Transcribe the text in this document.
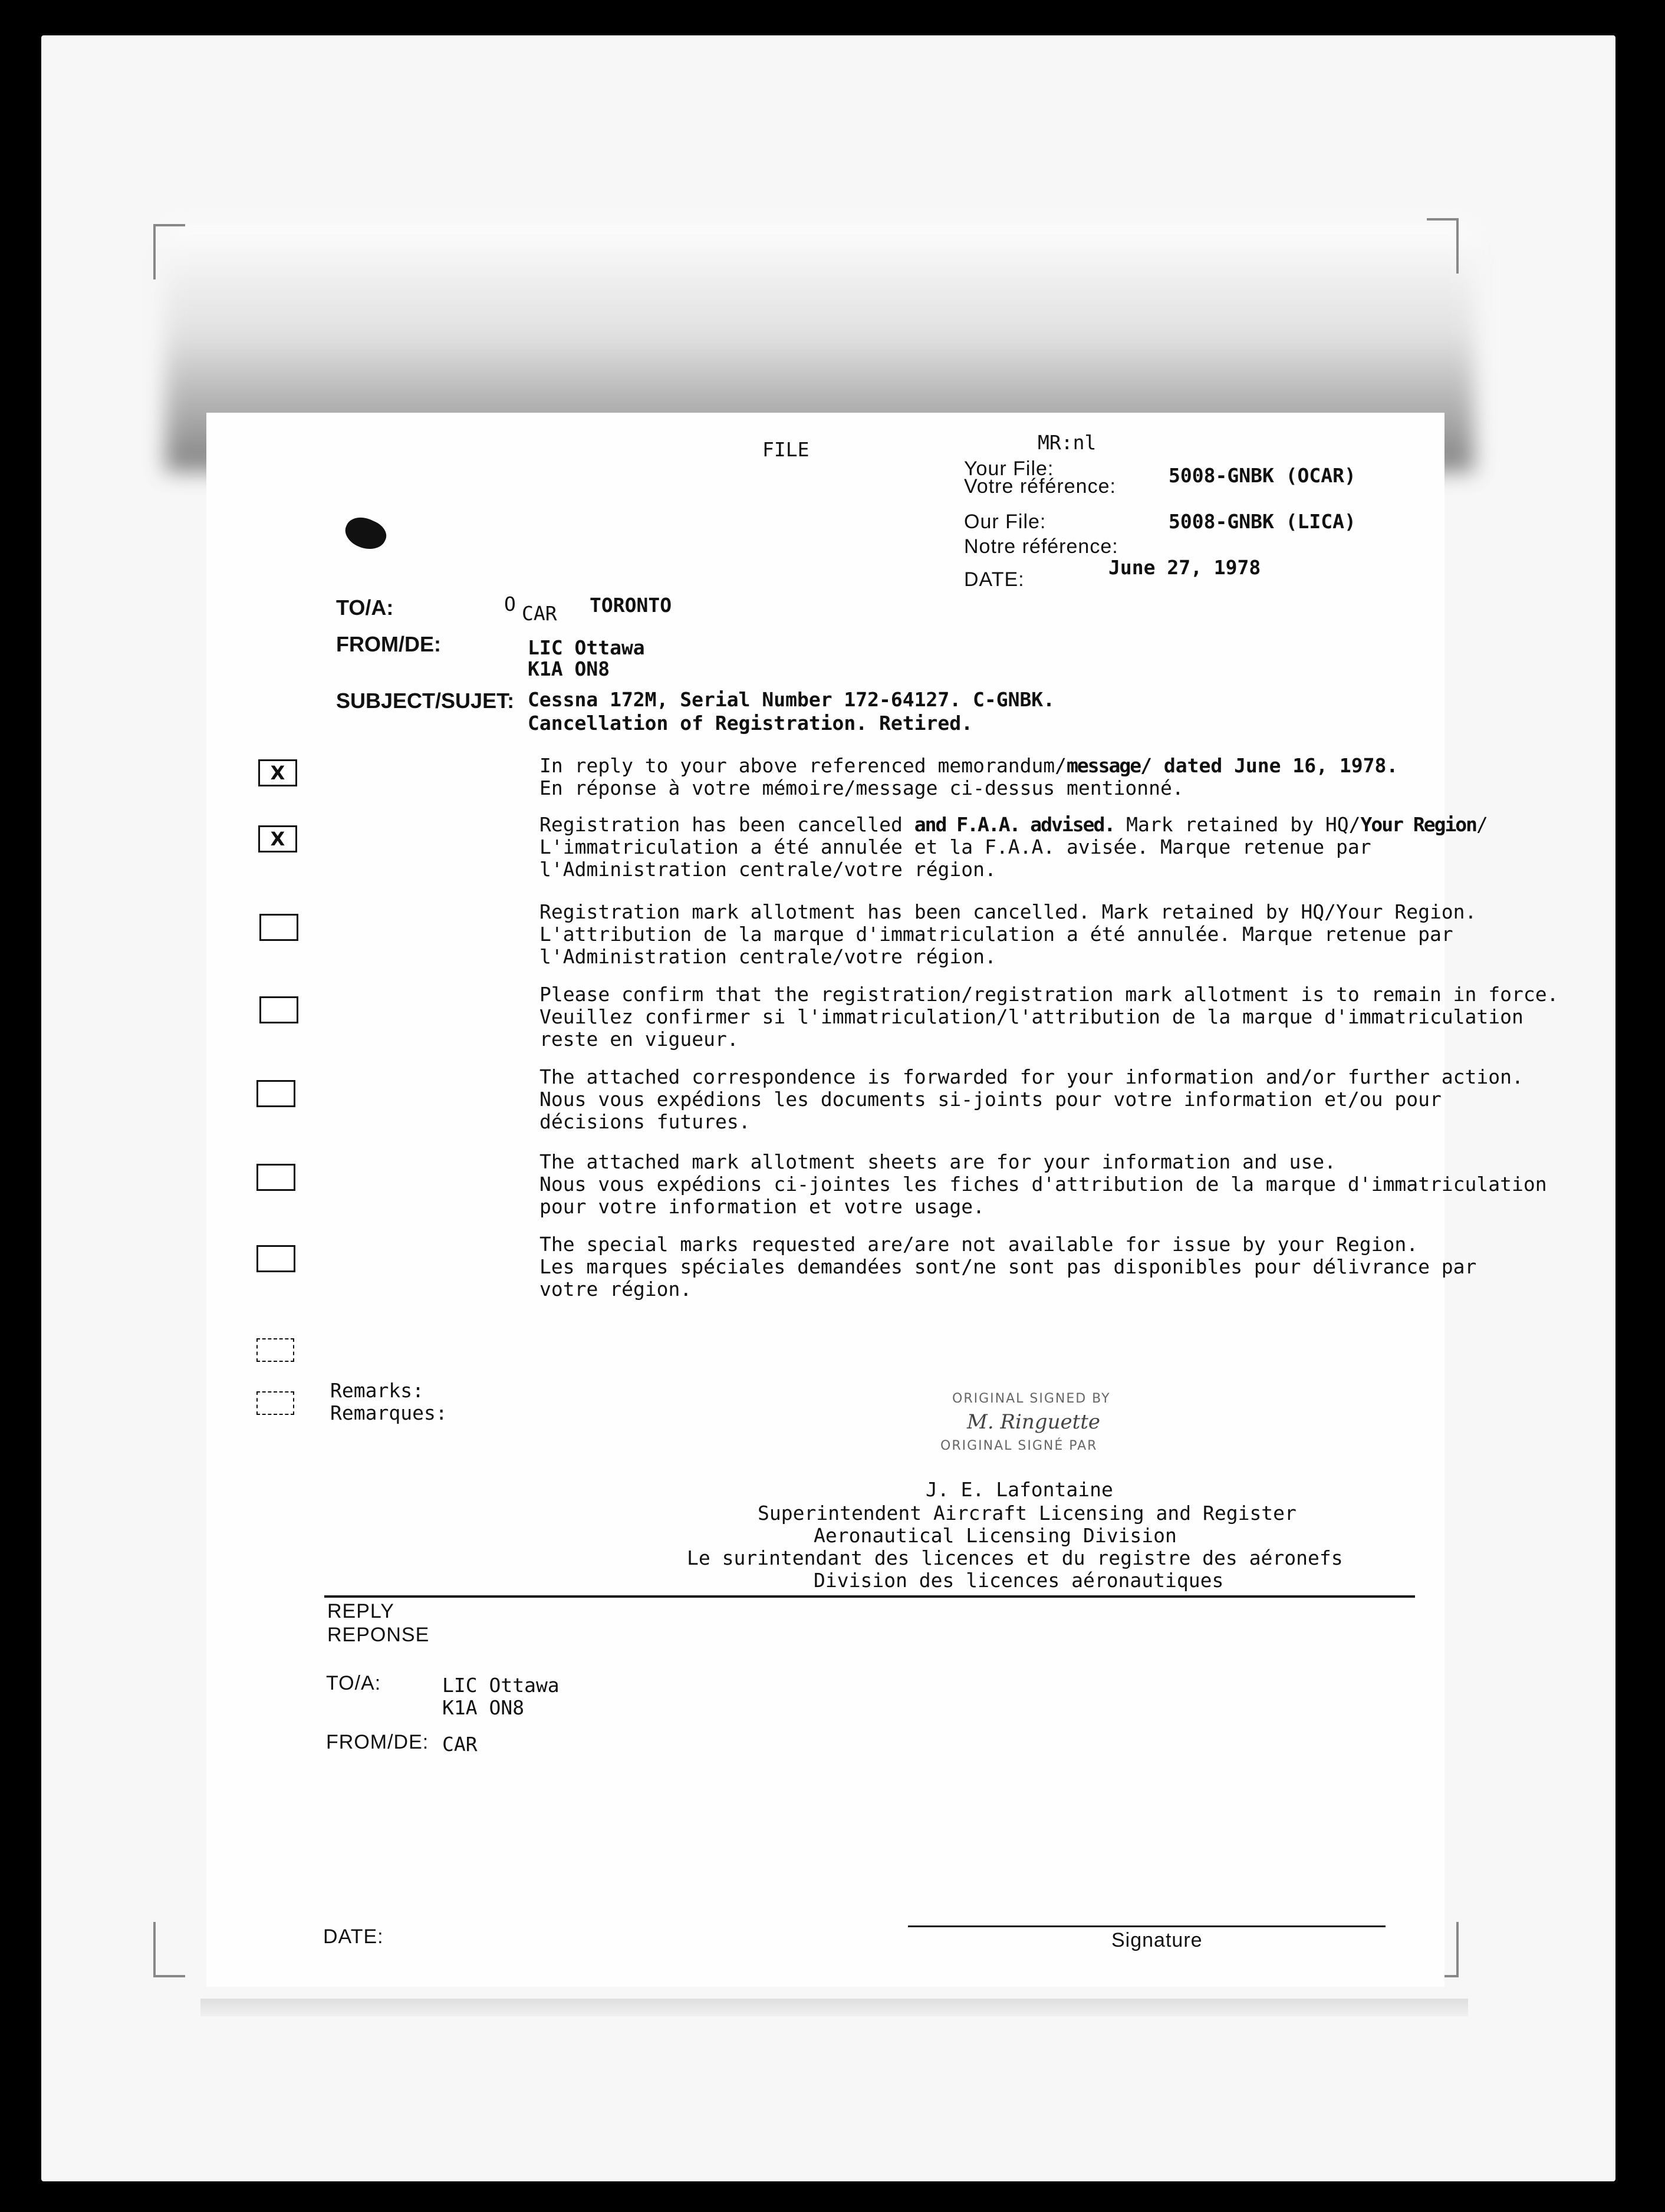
FILE	MR:nl
Your File:
Votre référence:	5008-GNBK (OCAR)
Our File:
Notre référence:
5008-GNBK (LICA)
DATE:
June 27, 1978
TO/A:	O CAR TORONTO
FROM/DE:	LIC Ottawa
K1A ON8
SUBJECT/SUJET: Cessna 172M, Serial Number 172-64127. C-GNBK.
Cancellation of Registration. Retired.
X	In reply to your above referenced memorandum/message/ dated June 16, 1978.
En réponse à votre mémoire/message ci-dessus mentionné.
X
Registration has been cancelled and F.A.A. advised. Mark retained by HQ/Your Region/
L'immatriculation a été annulée et la F.A.A. avisée. Marque retenue par
l'Administration centrale/votre région.
Registration mark allotment has been cancelled. Mark retained by HQ/Your Region.
L'attribution de la marque d'immatriculation a été annulée. Marque retenue par
l'Administration centrale/votre région.
Please confirm that the registration/registration mark allotment is to remain in force.
Veuillez confirmer si l'immatriculation/l'attribution de la marque d'immatriculation
reste en vigueur.
The attached correspondence is forwarded for your information and/or further action.
Nous vous expédions les documents si-joints pour votre information et/ou pour
décisions futures.
The attached mark allotment sheets are for your information and use.
Nous vous expédions ci-jointes les fiches d'attribution de la marque d'immatriculation
pour votre information et votre usage.
The special marks requested are/are not available for issue by your Region.
Les marques spéciales demandées sont/ne sont pas disponibles pour délivrance par
votre région.
Remarks:
Remarques:
ORIGINAL SIGNED BY
M. Ringuette
ORIGINAL SIGNÉ PAR
J. E. Lafontaine
Superintendent Aircraft Licensing and Register
Aeronautical Licensing Division
Le surintendant des licences et du registre des aéronefs
Division des licences aéronautiques
REPLY
REPONSE
TO/A:	LIC Ottawa
K1A ON8
FROM/DE: CAR
DATE:	Signature
